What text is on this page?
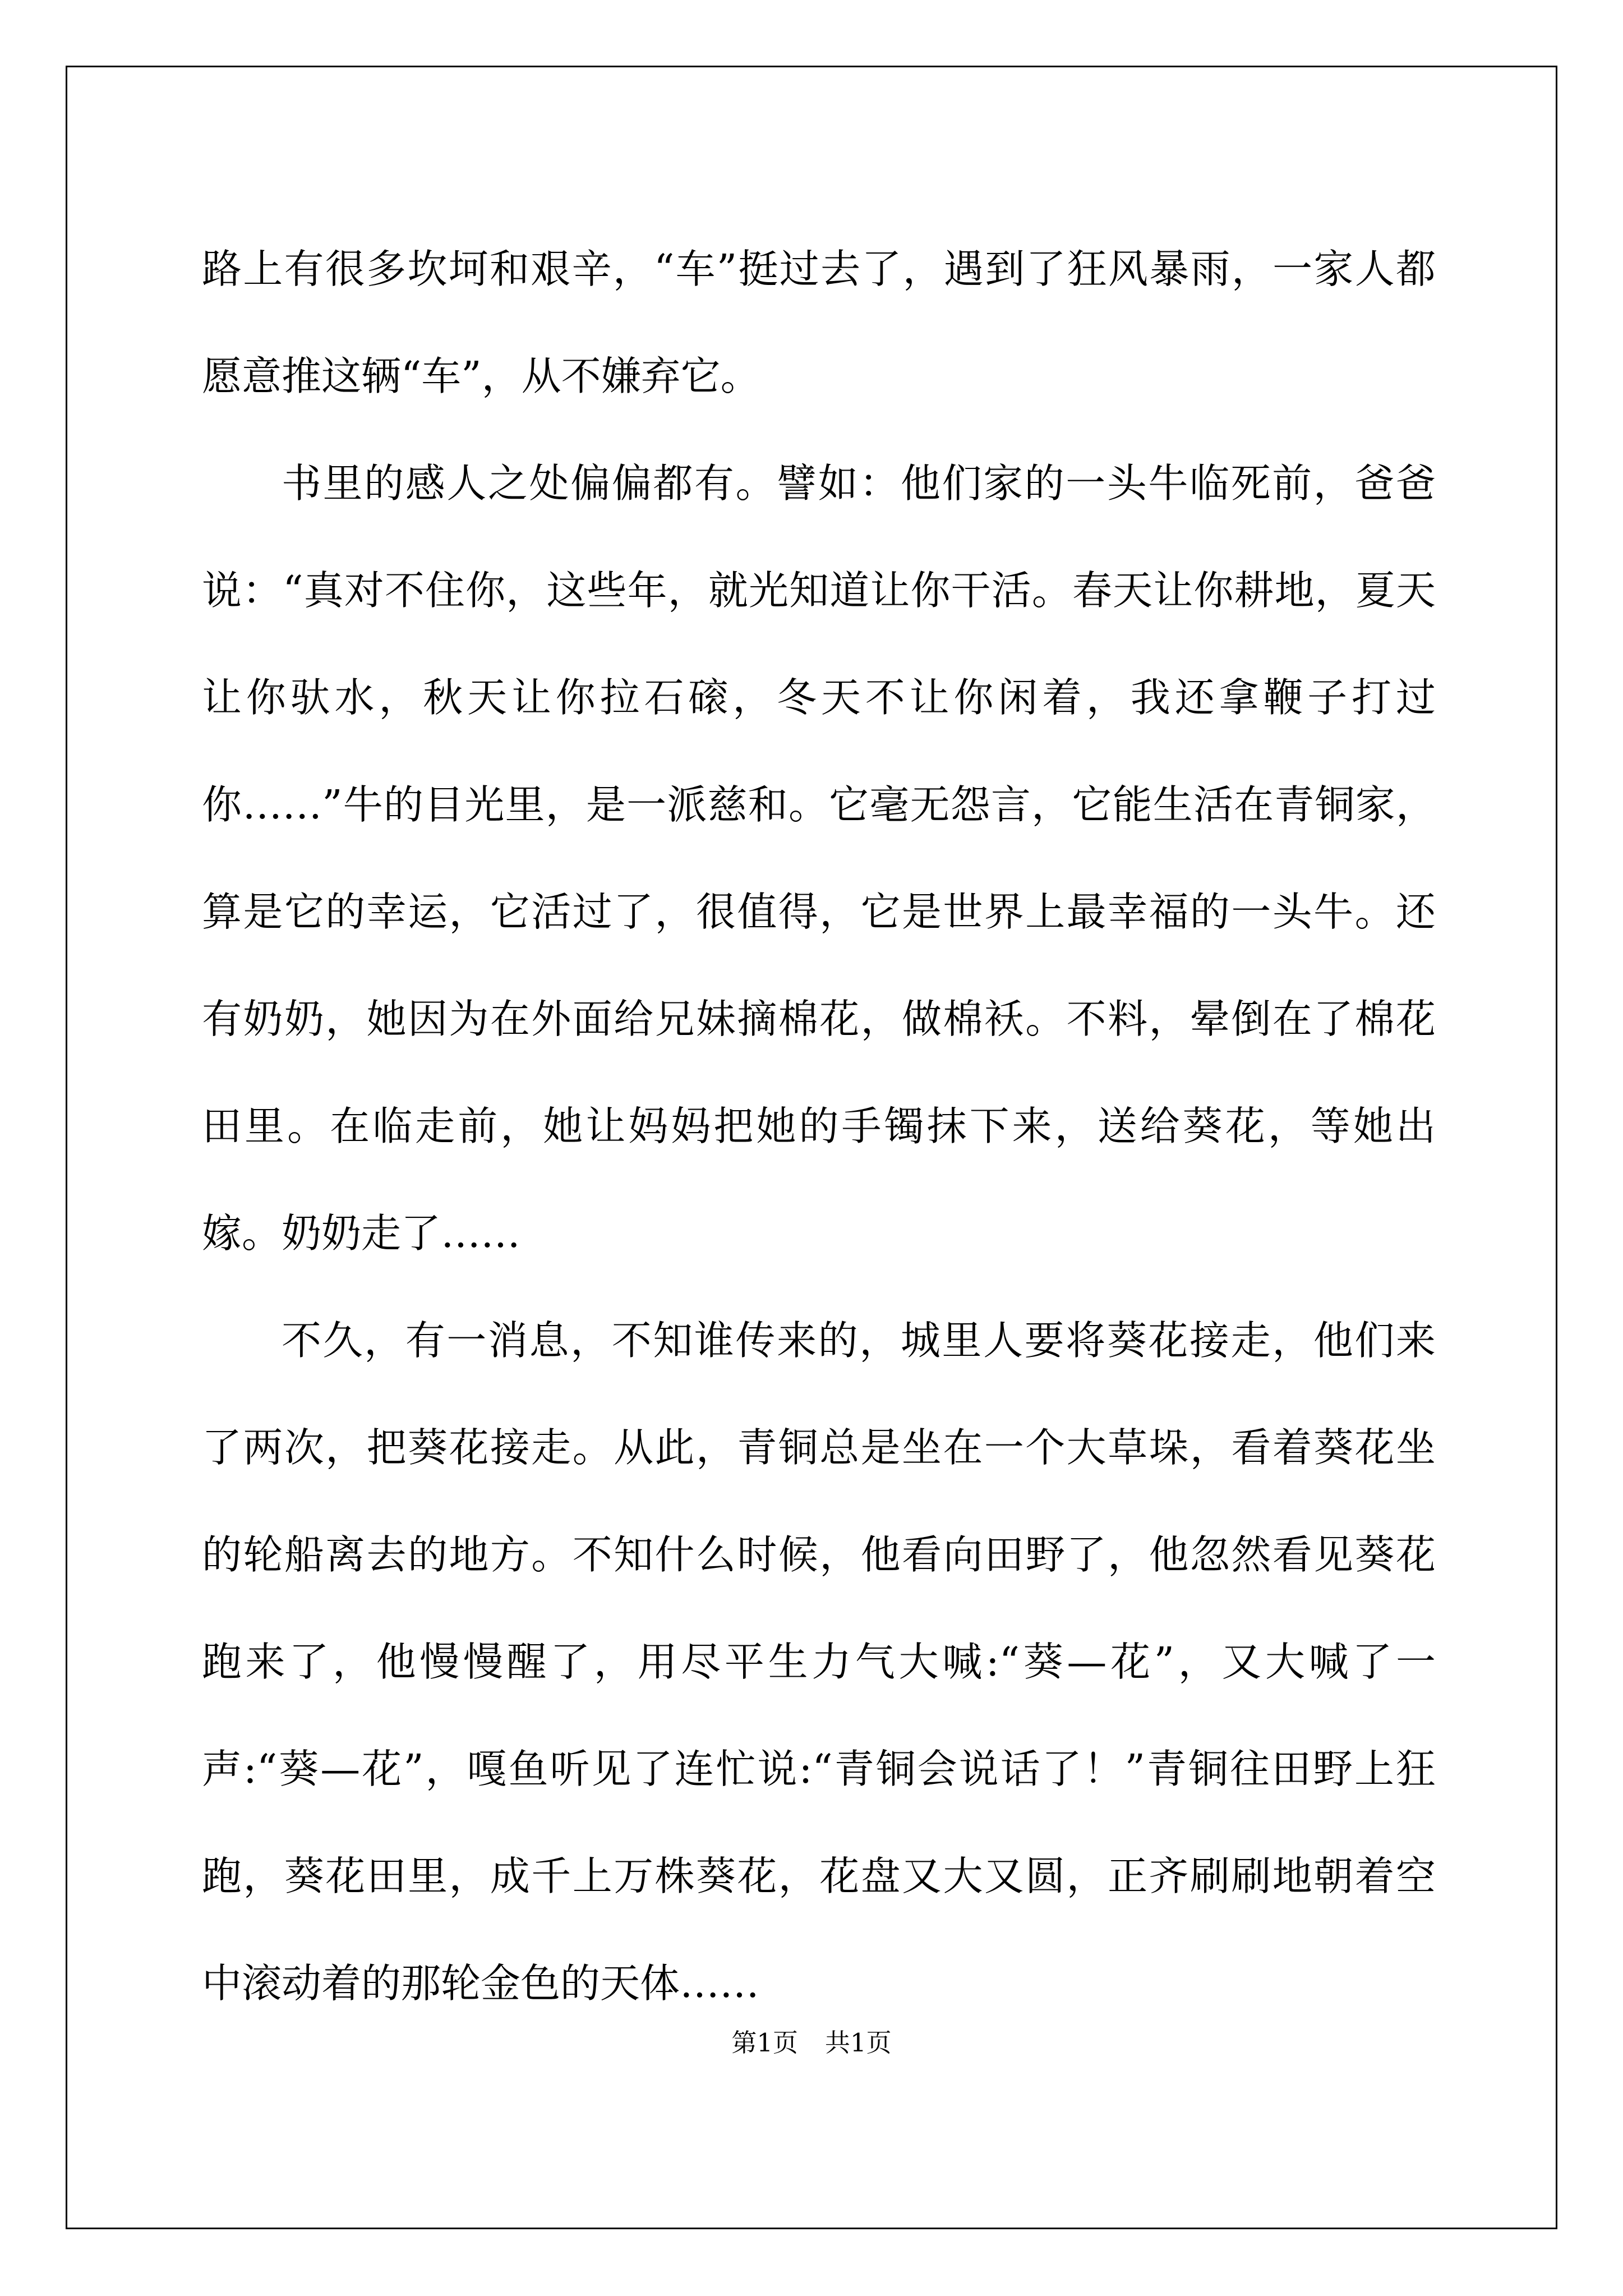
路上有很多坎坷和艰辛，“车”挺过去了，遇到了狂风暴雨，一家人都愿意推这辆“车”，从不嫌弃它。

书里的感人之处偏偏都有。譬如：他们家的一头牛临死前，爸爸说：“真对不住你，这些年，就光知道让你干活。春天让你耕地，夏天让你驮水，秋天让你拉石磙，冬天不让你闲着，我还拿鞭子打过你……”牛的目光里，是一派慈和。它毫无怨言，它能生活在青铜家，算是它的幸运，它活过了，很值得，它是世界上最幸福的一头牛。还有奶奶，她因为在外面给兄妹摘棉花，做棉袄。不料，晕倒在了棉花田里。在临走前，她让妈妈把她的手镯抹下来，送给葵花，等她出嫁。奶奶走了……

不久，有一消息，不知谁传来的，城里人要将葵花接走，他们来了两次，把葵花接走。从此，青铜总是坐在一个大草垛，看着葵花坐的轮船离去的地方。不知什么时候，他看向田野了，他忽然看见葵花跑来了，他慢慢醒了，用尽平生力气大喊:“葵—花”，又大喊了一声:“葵—花”，嘎鱼听见了连忙说:“青铜会说话了！”青铜往田野上狂跑，葵花田里，成千上万株葵花，花盘又大又圆，正齐刷刷地朝着空中滚动着的那轮金色的天体……

第1页 共1页
